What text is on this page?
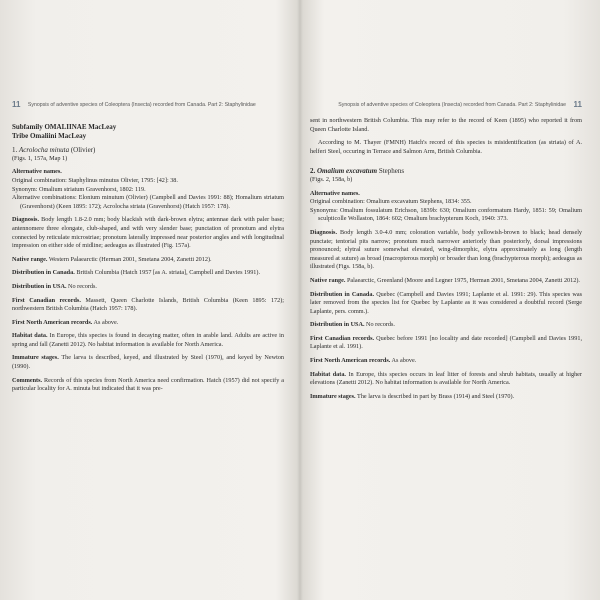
11 Synopsis of adventive species of Coleoptera (Insecta) recorded from Canada. Part 2: Staphylinidae
Subfamily OMALIINAE MacLeay
Tribe Omaliini MacLeay
1. Acrolocha minuta (Olivier)

(Figs. 1, 157a, Map 1)

Alternative names.
Original combination: Staphylinus minutus Olivier, 1795: [42]: 38.
Synonym: Omalium striatum Gravenhorst, 1802: 119.

Alternative combinations: Elonium minutum (Olivier) (Campbell and Davies 1991: 88); Homalium striatum (Gravenhorst) (Keen 1895: 172); Acrolocha striata (Gravenhorst) (Hatch 1957: 178).

Diagnosis. Body length 1.8-2.0 mm; body blackish with dark-brown elytra; antennae dark with paler base; antennomere three elongate, club-shaped, and with very slender base; punctation of pronotum and elytra connected by reticulate microstriae; pronotum laterally impressed near posterior angles and with longitudinal impression on either side of midline; aedeagus as illustrated (Fig. 157a).

Native range. Western Palaearctic (Herman 2001, Smetana 2004, Zanetti 2012).

Distribution in Canada. British Columbia (Hatch 1957 [as A. striata], Campbell and Davies 1991).

Distribution in USA. No records.

First Canadian records. Massett, Queen Charlotte Islands, British Columbia (Keen 1895: 172); northwestern British Columbia (Hatch 1957: 178).

First North American records. As above.

Habitat data. In Europe, this species is found in decaying matter, often in arable land. Adults are active in spring and fall (Zanetti 2012). No habitat information is available for North America.

Immature stages. The larva is described, keyed, and illustrated by Steel (1970), and keyed by Newton (1990).

Comments. Records of this species from North America need confirmation. Hatch (1957) did not specify a particular locality for A. minuta but indicated that it was pre-

Synopsis of adventive species of Coleoptera (Insecta) recorded from Canada. Part 2: Staphylinidae 11

sent in northwestern British Columbia. This may refer to the record of Keen (1895) who reported it from Queen Charlotte Island.

According to M. Thayer (FMNH) Hatch's record of this species is misidentification (as striata) of A. helferi Steel, occuring in Terrace and Salmon Arm, British Columbia.

2. Omalium excavatum Stephens

(Figs. 2, 158a, b)

Alternative names.
Original combination: Omalium excavatum Stephens, 1834: 355.

Synonyms: Omalium fossulatum Erichson, 1839b: 630; Omalium conformatum Hardy, 1851: 59; Omalium sculpticolle Wollaston, 1864: 602; Omalium brachypterum Koch, 1940: 373.

Diagnosis. Body length 3.0-4.0 mm; coloration variable, body yellowish-brown to black; head densely punctate; tentorial pits narrow; pronotum much narrower anteriorly than posteriorly, dorsal impressions pronounced; elytral suture somewhat elevated, wing-dimorphic, elytra approximately as long (length measured at suture) as broad (macropterous morph) or broader than long (brachypterous morph); aedeagus as illustrated (Figs. 158a, b).

Native range. Palaearctic, Greenland (Moore and Legner 1975, Herman 2001, Smetana 2004, Zanetti 2012).

Distribution in Canada. Quebec (Campbell and Davies 1991; Laplante et al. 1991: 29). This species was later removed from the species list for Quebec by Laplante as it was considered a doubtful record (Serge Laplante, pers. comm.).

Distribution in USA. No records.

First Canadian records. Quebec before 1991 [no locality and date recorded] (Campbell and Davies 1991, Laplante et al. 1991).

First North American records. As above.

Habitat data. In Europe, this species occurs in leaf litter of forests and shrub habitats, usually at higher elevations (Zanetti 2012). No habitat information is available for North America.

Immature stages. The larva is described in part by Brass (1914) and Steel (1970).
